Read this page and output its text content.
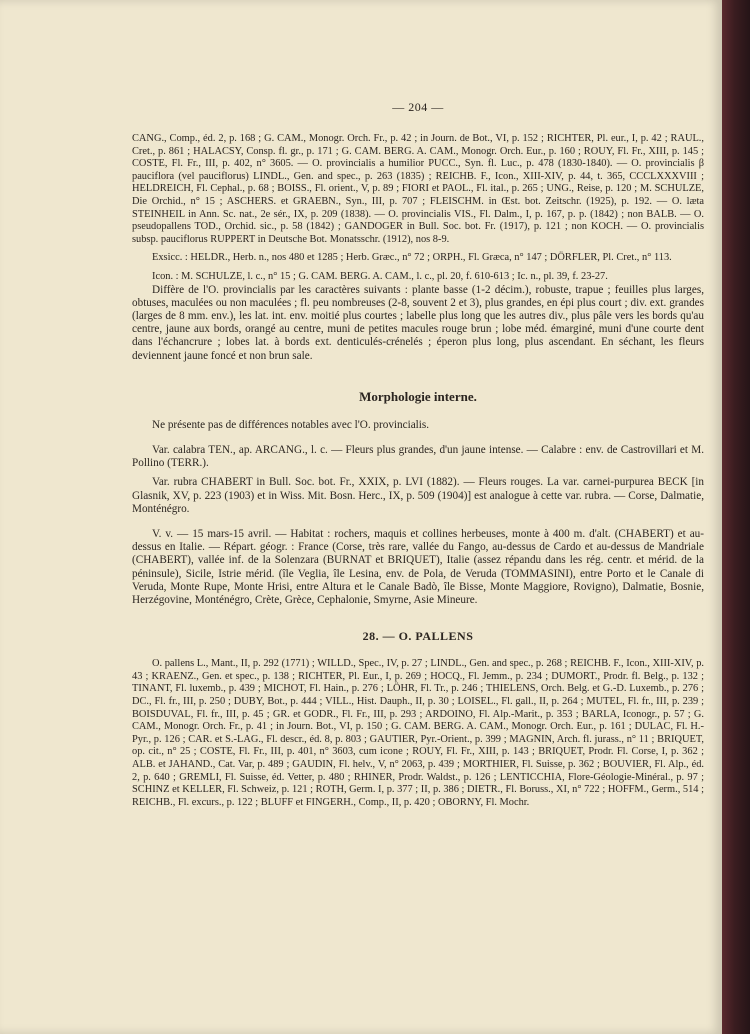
— 204 —

CANG., Comp., éd. 2, p. 168 ; G. CAM., Monogr. Orch. Fr., p. 42 ; in Journ. de Bot., VI, p. 152 ; RICHTER, Pl. eur., I, p. 42 ; RAUL., Cret., p. 861 ; HALACSY, Consp. fl. gr., p. 171 ; G. CAM. BERG. A. CAM., Monogr. Orch. Eur., p. 160 ; ROUY, Fl. Fr., XIII, p. 145 ; COSTE, Fl. Fr., III, p. 402, n° 3605. — O. provincialis a humilior PUCC., Syn. fl. Luc., p. 478 (1830-1840). — O. provincialis β pauciflora (vel pauciflorus) LINDL., Gen. and spec., p. 263 (1835) ; REICHB. F., Icon., XIII-XIV, p. 44, t. 365, CCCLXXXVIII ; HELDREICH, Fl. Cephal., p. 68 ; BOISS., Fl. orient., V, p. 89 ; FIORI et PAOL., Fl. ital., p. 265 ; UNG., Reise, p. 120 ; M. SCHULZE, Die Orchid., n° 15 ; ASCHERS. et GRAEBN., Syn., III, p. 707 ; FLEISCHM. in Œst. bot. Zeitschr. (1925), p. 192. — O. læta STEINHEIL in Ann. Sc. nat., 2e sér., IX, p. 209 (1838). — O. provincialis VIS., Fl. Dalm., I, p. 167, p. p. (1842) ; non BALB. — O. pseudopallens TOD., Orchid. sic., p. 58 (1842) ; GANDOGER in Bull. Soc. bot. Fr. (1917), p. 121 ; non KOCH. — O. provincialis subsp. pauciflorus RUPPERT in Deutsche Bot. Monatsschr. (1912), nos 8-9.

Exsicc. : HELDR., Herb. n., nos 480 et 1285 ; Herb. Græc., n° 72 ; ORPH., Fl. Græca, n° 147 ; DÖRFLER, Pl. Cret., n° 113.

Icon. : M. SCHULZE, l. c., n° 15 ; G. CAM. BERG. A. CAM., l. c., pl. 20, f. 610-613 ; Ic. n., pl. 39, f. 23-27.

Diffère de l'O. provincialis par les caractères suivants : plante basse (1-2 décim.), robuste, trapue ; feuilles plus larges, obtuses, maculées ou non maculées ; fl. peu nombreuses (2-8, souvent 2 et 3), plus grandes, en épi plus court ; div. ext. grandes (larges de 8 mm. env.), les lat. int. env. moitié plus courtes ; labelle plus long que les autres div., plus pâle vers les bords qu'au centre, jaune aux bords, orangé au centre, muni de petites macules rouge brun ; lobe méd. émarginé, muni d'une courte dent dans l'échancrure ; lobes lat. à bords ext. denticulés-crénelés ; éperon plus long, plus ascendant. En séchant, les fleurs deviennent jaune foncé et non brun sale.

Morphologie interne.

Ne présente pas de différences notables avec l'O. provincialis.

Var. calabra TEN., ap. ARCANG., l. c. — Fleurs plus grandes, d'un jaune intense. — Calabre : env. de Castrovillari et M. Pollino (TERR.).

Var. rubra CHABERT in Bull. Soc. bot. Fr., XXIX, p. LVI (1882). — Fleurs rouges. La var. carnei-purpurea BECK [in Glasnik, XV, p. 223 (1903) et in Wiss. Mit. Bosn. Herc., IX, p. 509 (1904)] est analogue à cette var. rubra. — Corse, Dalmatie, Monténégro.

V. v. — 15 mars-15 avril. — Habitat : rochers, maquis et collines herbeuses, monte à 400 m. d'alt. (CHABERT) et au-dessus en Italie. — Répart. géogr. : France (Corse, très rare, vallée du Fango, au-dessus de Cardo et au-dessus de Mandriale (CHABERT), vallée inf. de la Solenzara (BURNAT et BRIQUET), Italie (assez répandu dans les rég. centr. et mérid. de la péninsule), Sicile, Istrie mérid. (île Veglia, île Lesina, env. de Pola, de Veruda (TOMMASINI), entre Porto et le Canale di Veruda, Monte Rupe, Monte Hrisi, entre Altura et le Canale Badò, île Bisse, Monte Maggiore, Rovigno), Dalmatie, Bosnie, Herzégovine, Monténégro, Crète, Grèce, Cephalonie, Smyrne, Asie Mineure.

28. — O. PALLENS

O. pallens L., Mant., II, p. 292 (1771) ; WILLD., Spec., IV, p. 27 ; LINDL., Gen. and spec., p. 268 ; REICHB. F., Icon., XIII-XIV, p. 43 ; KRAENZ., Gen. et spec., p. 138 ; RICHTER, Pl. Eur., I, p. 269 ; HOCQ., Fl. Jemm., p. 234 ; DUMORT., Prodr. fl. Belg., p. 132 ; TINANT, Fl. luxemb., p. 439 ; MICHOT, Fl. Hain., p. 276 ; LÖHR, Fl. Tr., p. 246 ; THIELENS, Orch. Belg. et G.-D. Luxemb., p. 276 ; DC., Fl. fr., III, p. 250 ; DUBY, Bot., p. 444 ; VILL., Hist. Dauph., II, p. 30 ; LOISEL., Fl. gall., II, p. 264 ; MUTEL, Fl. fr., III, p. 239 ; BOISDUVAL, Fl. fr., III, p. 45 ; GR. et GODR., Fl. Fr., III, p. 293 ; ARDOINO, Fl. Alp.-Marit., p. 353 ; BARLA, Iconogr., p. 57 ; G. CAM., Monogr. Orch. Fr., p. 41 ; in Journ. Bot., VI, p. 150 ; G. CAM. BERG. A. CAM., Monogr. Orch. Eur., p. 161 ; DULAC, Fl. H.-Pyr., p. 126 ; CAR. et S.-LAG., Fl. descr., éd. 8, p. 803 ; GAUTIER, Pyr.-Orient., p. 399 ; MAGNIN, Arch. fl. jurass., n° 11 ; BRIQUET, op. cit., n° 25 ; COSTE, Fl. Fr., III, p. 401, n° 3603, cum icone ; ROUY, Fl. Fr., XIII, p. 143 ; BRIQUET, Prodr. Fl. Corse, I, p. 362 ; ALB. et JAHAND., Cat. Var, p. 489 ; GAUDIN, Fl. helv., V, n° 2063, p. 439 ; MORTHIER, Fl. Suisse, p. 362 ; BOUVIER, Fl. Alp., éd. 2, p. 640 ; GREMLI, Fl. Suisse, éd. Vetter, p. 480 ; RHINER, Prodr. Waldst., p. 126 ; LENTICCHIA, Flore-Géologie-Minéral., p. 97 ; SCHINZ et KELLER, Fl. Schweiz, p. 121 ; ROTH, Germ. I, p. 377 ; II, p. 386 ; DIETR., Fl. Boruss., XI, n° 722 ; HOFFM., Germ., 514 ; REICHB., Fl. excurs., p. 122 ; BLUFF et FINGERH., Comp., II, p. 420 ; OBORNY, Fl. Mochr.
